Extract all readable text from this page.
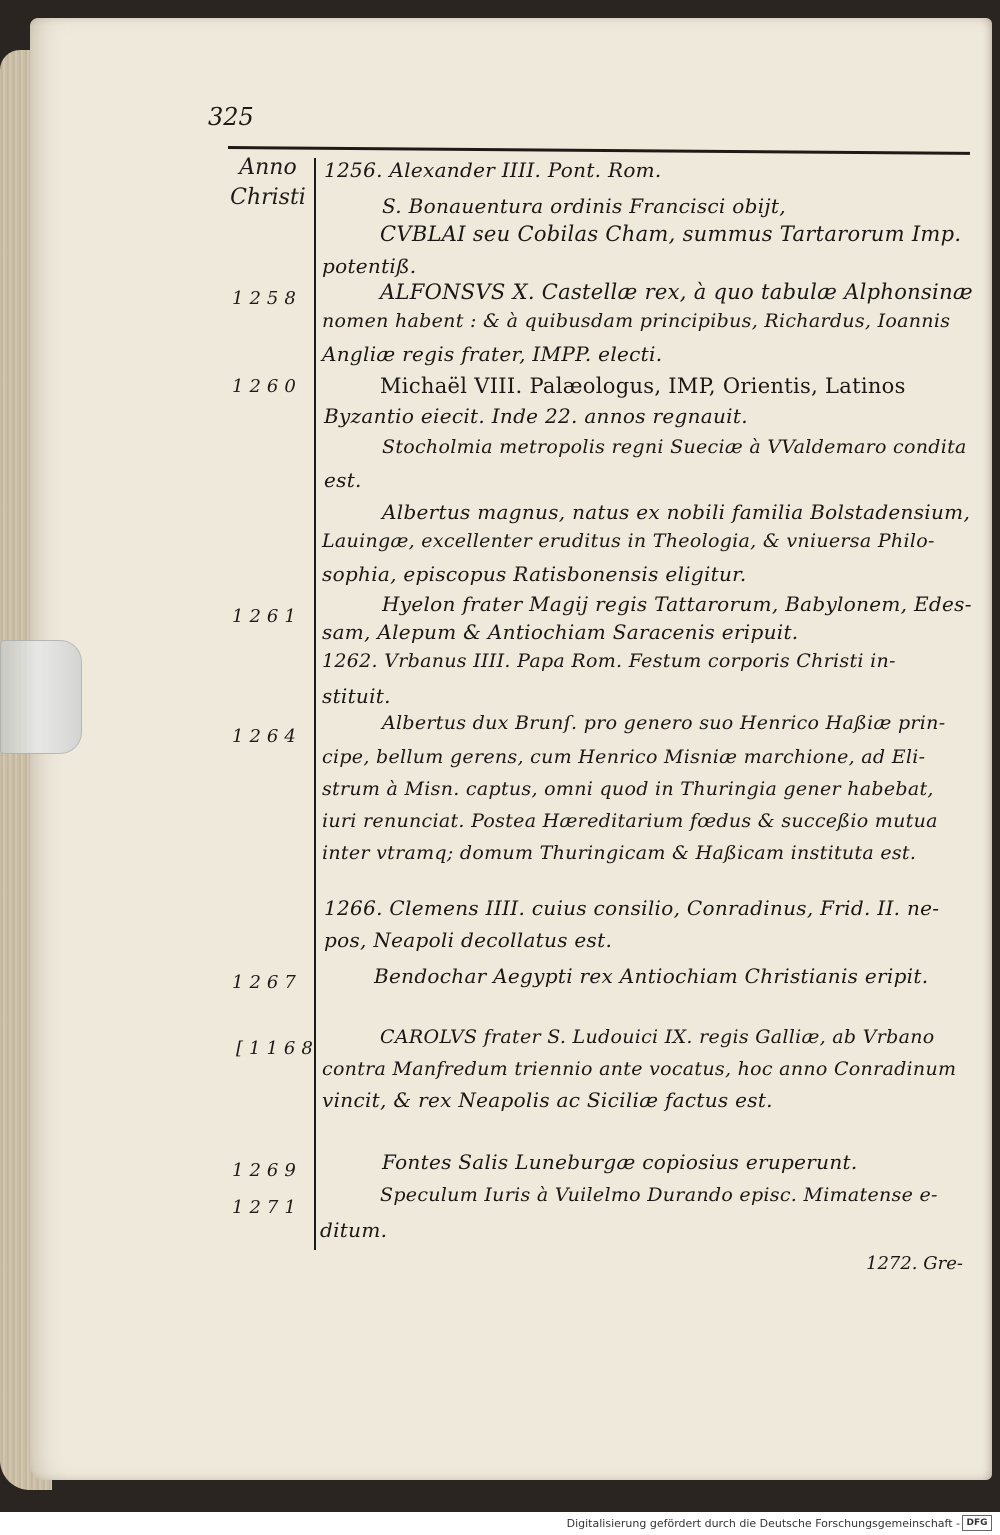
325
Anno
Christi
1258
1260
1261
1264
1267
[1168
1269
1271
1256. Alexander IIII. Pont. Rom.
S. Bonauentura ordinis Francisci obijt,
CVBLAI seu Cobilas Cham, summus Tartarorum Imp.
potentiß.
ALFONSVS X. Castellæ rex, à quo tabulæ Alphonsinæ
nomen habent : & à quibusdam principibus, Richardus, Ioannis
Angliæ regis frater, IMPP. electi.
Michaël VIII. Palæologus, IMP, Orientis, Latinos
Byzantio eiecit. Inde 22. annos regnauit.
Stocholmia metropolis regni Sueciæ à VValdemaro condita
est.
Albertus magnus, natus ex nobili familia Bolstadensium,
Lauingæ, excellenter eruditus in Theologia, & vniuersa Philo-
sophia, episcopus Ratisbonensis eligitur.
Hyelon frater Magij regis Tattarorum, Babylonem, Edes-
sam, Alepum & Antiochiam Saracenis eripuit.
1262. Vrbanus IIII. Papa Rom. Festum corporis Christi in-
stituit.
Albertus dux Brunſ. pro genero suo Henrico Haßiæ prin-
cipe, bellum gerens, cum Henrico Misniæ marchione, ad Eli-
strum à Misn. captus, omni quod in Thuringia gener habebat,
iuri renunciat. Postea Hæreditarium fœdus & succeßio mutua
inter vtramq; domum Thuringicam & Haßicam instituta est.
1266. Clemens IIII. cuius consilio, Conradinus, Frid. II. ne-
pos, Neapoli decollatus est.
Bendochar Aegypti rex Antiochiam Christianis eripit.
CAROLVS frater S. Ludouici IX. regis Galliæ, ab Vrbano
contra Manfredum triennio ante vocatus, hoc anno Conradinum
vincit, & rex Neapolis ac Siciliæ factus est.
Fontes Salis Luneburgæ copiosius eruperunt.
Speculum Iuris à Vuilelmo Durando episc. Mimatense e-
ditum.
1272. Gre-
Digitalisierung gefördert durch die Deutsche Forschungsgemeinschaft - DFG
